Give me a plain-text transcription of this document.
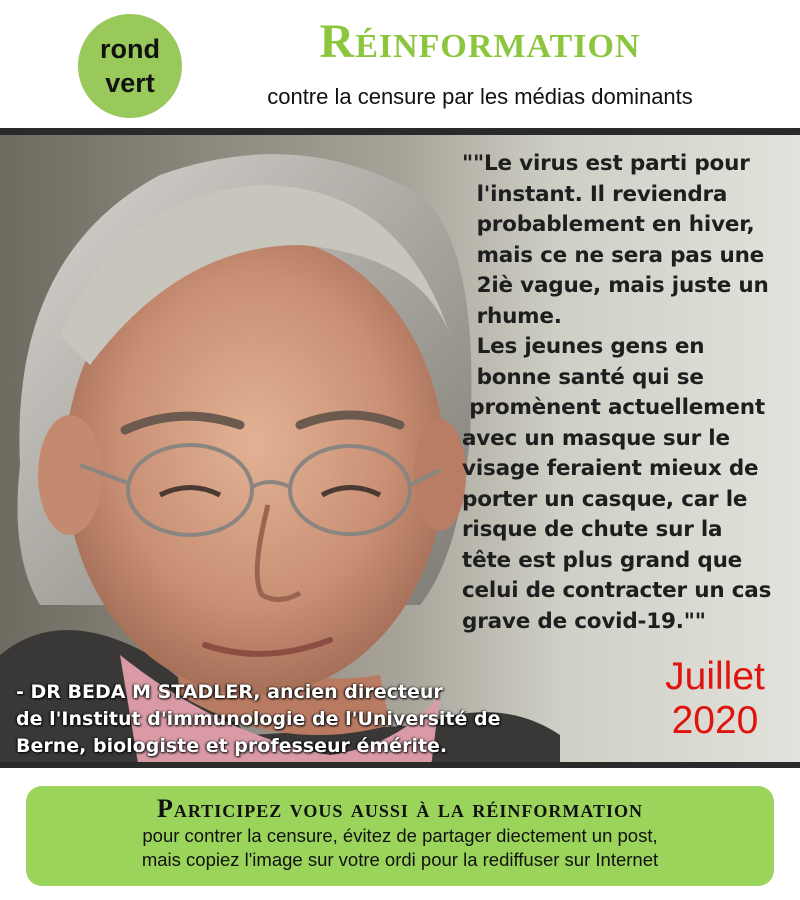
rond
vert
Réinformation
contre la censure par les médias dominants
""Le virus est parti pour
l'instant. Il reviendra
probablement en hiver,
mais ce ne sera pas une
2iè vague, mais juste un
rhume.
Les jeunes gens en
bonne santé qui se
promènent actuellement
avec un masque sur le
visage feraient mieux de
porter un casque, car le
risque de chute sur la
tête est plus grand que
celui de contracter un cas
grave de covid-19.""
- DR BEDA M STADLER, ancien directeur
de l'Institut d'immunologie de l'Université de
Berne, biologiste et professeur émérite.
Juillet
2020
Participez vous aussi à la réinformation
pour contrer la censure, évitez de partager diectement un post,
mais copiez l'image sur votre ordi pour la rediffuser sur Internet
